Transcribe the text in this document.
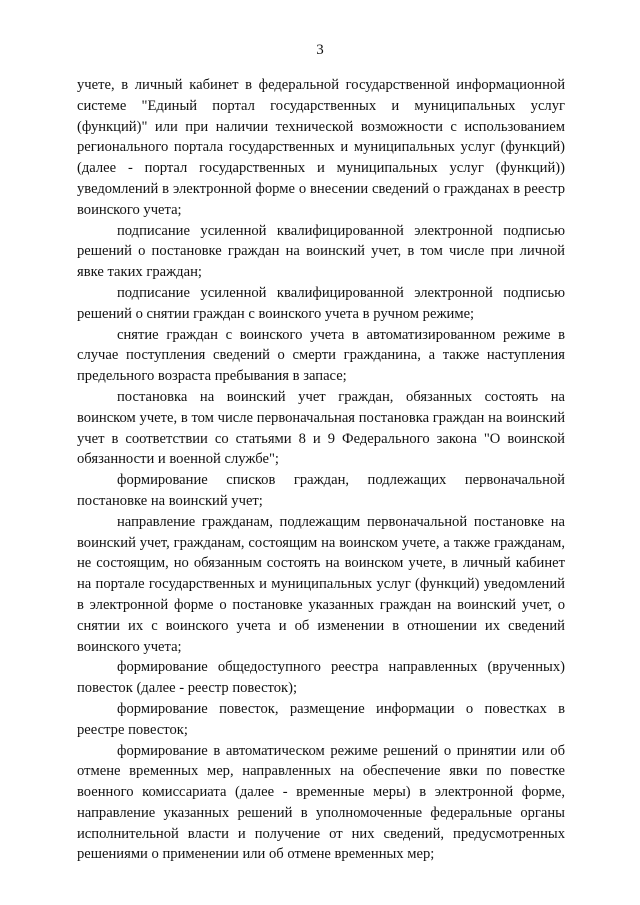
3

учете, в личный кабинет в федеральной государственной информационной системе "Единый портал государственных и муниципальных услуг (функций)" или при наличии технической возможности с использованием регионального портала государственных и муниципальных услуг (функций) (далее - портал государственных и муниципальных услуг (функций)) уведомлений в электронной форме о внесении сведений о гражданах в реестр воинского учета;

подписание усиленной квалифицированной электронной подписью решений о постановке граждан на воинский учет, в том числе при личной явке таких граждан;

подписание усиленной квалифицированной электронной подписью решений о снятии граждан с воинского учета в ручном режиме;

снятие граждан с воинского учета в автоматизированном режиме в случае поступления сведений о смерти гражданина, а также наступления предельного возраста пребывания в запасе;

постановка на воинский учет граждан, обязанных состоять на воинском учете, в том числе первоначальная постановка граждан на воинский учет в соответствии со статьями 8 и 9 Федерального закона "О воинской обязанности и военной службе";

формирование списков граждан, подлежащих первоначальной постановке на воинский учет;

направление гражданам, подлежащим первоначальной постановке на воинский учет, гражданам, состоящим на воинском учете, а также гражданам, не состоящим, но обязанным состоять на воинском учете, в личный кабинет на портале государственных и муниципальных услуг (функций) уведомлений в электронной форме о постановке указанных граждан на воинский учет, о снятии их с воинского учета и об изменении в отношении их сведений воинского учета;

формирование общедоступного реестра направленных (врученных) повесток (далее - реестр повесток);

формирование повесток, размещение информации о повестках в реестре повесток;

формирование в автоматическом режиме решений о принятии или об отмене временных мер, направленных на обеспечение явки по повестке военного комиссариата (далее - временные меры) в электронной форме, направление указанных решений в уполномоченные федеральные органы исполнительной власти и получение от них сведений, предусмотренных решениями о применении или об отмене временных мер;
